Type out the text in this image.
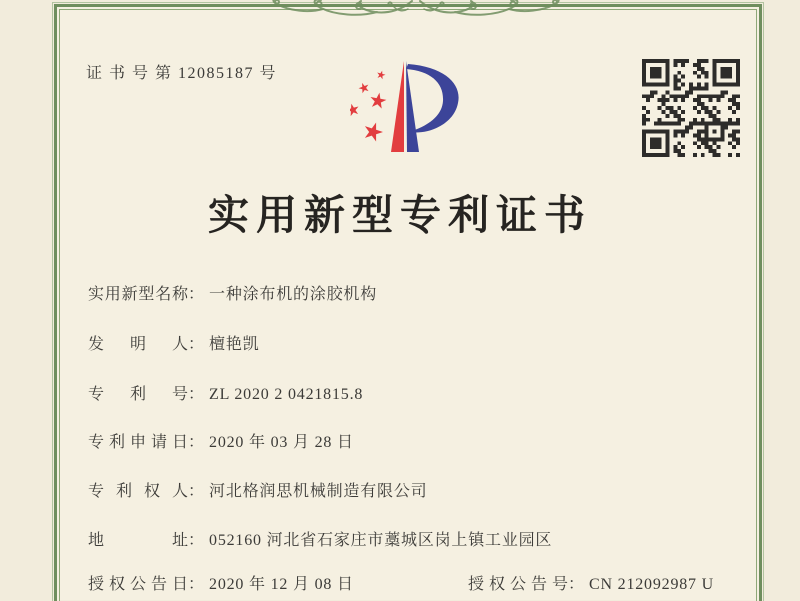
证 书 号 第 12085187 号
实用新型专利证书
实用新型名称： 一种涂布机的涂胶机构
发明人： 檀艳凯
专利号： ZL 2020 2 0421815.8
专利申请日： 2020 年 03 月 28 日
专利权人： 河北格润思机械制造有限公司
地址： 052160 河北省石家庄市藁城区岗上镇工业园区
授权公告日： 2020 年 12 月 08 日	授权公告号： CN 212092987 U
